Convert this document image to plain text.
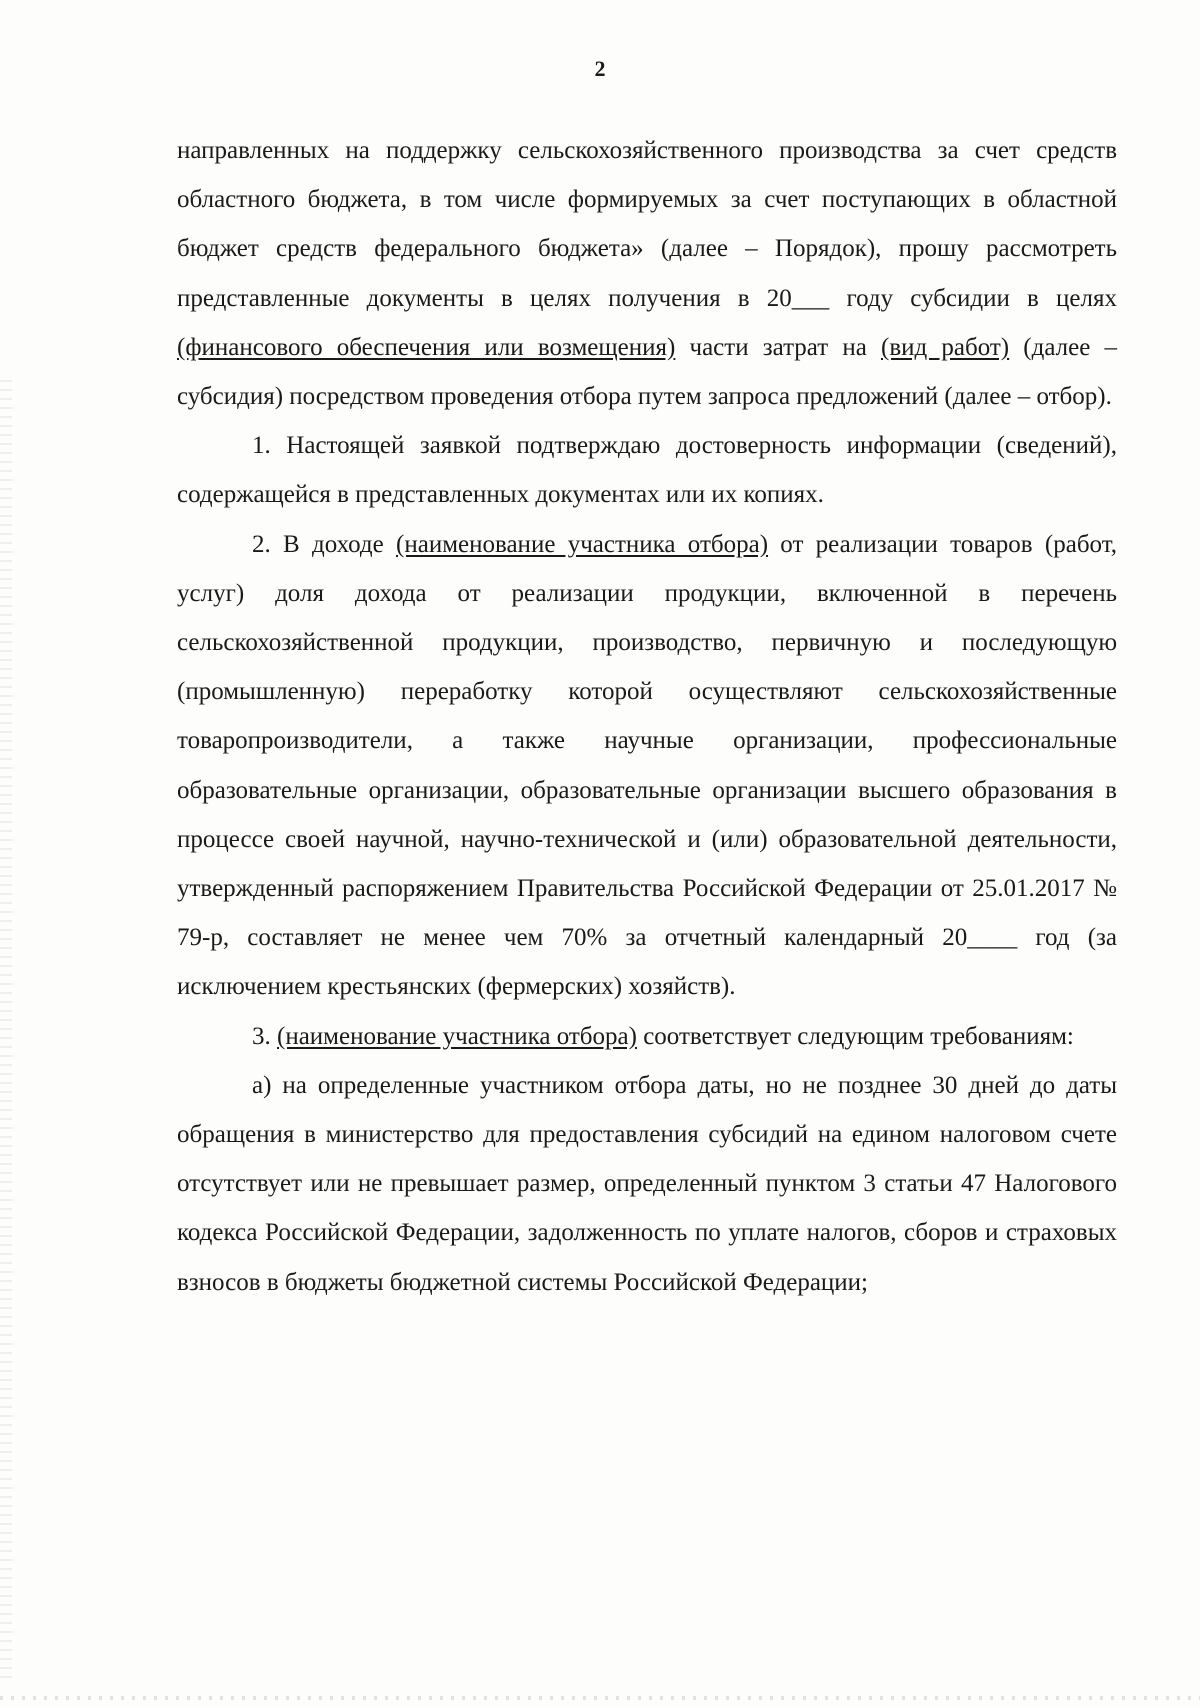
2

направленных на поддержку сельскохозяйственного производства за счет средств областного бюджета, в том числе формируемых за счет поступающих в областной бюджет средств федерального бюджета» (далее – Порядок), прошу рассмотреть представленные документы в целях получения в 20___ году субсидии в целях (финансового обеспечения или возмещения) части затрат на (вид работ) (далее – субсидия) посредством проведения отбора путем запроса предложений (далее – отбор).

1. Настоящей заявкой подтверждаю достоверность информации (сведений), содержащейся в представленных документах или их копиях.

2. В доходе (наименование участника отбора) от реализации товаров (работ, услуг) доля дохода от реализации продукции, включенной в перечень сельскохозяйственной продукции, производство, первичную и последующую (промышленную) переработку которой осуществляют сельскохозяйственные товаропроизводители, а также научные организации, профессиональные образовательные организации, образовательные организации высшего образования в процессе своей научной, научно-технической и (или) образовательной деятельности, утвержденный распоряжением Правительства Российской Федерации от 25.01.2017 № 79-р, составляет не менее чем 70% за отчетный календарный 20____ год (за исключением крестьянских (фермерских) хозяйств).

3. (наименование участника отбора) соответствует следующим требованиям:

а) на определенные участником отбора даты, но не позднее 30 дней до даты обращения в министерство для предоставления субсидий на едином налоговом счете отсутствует или не превышает размер, определенный пунктом 3 статьи 47 Налогового кодекса Российской Федерации, задолженность по уплате налогов, сборов и страховых взносов в бюджеты бюджетной системы Российской Федерации;
